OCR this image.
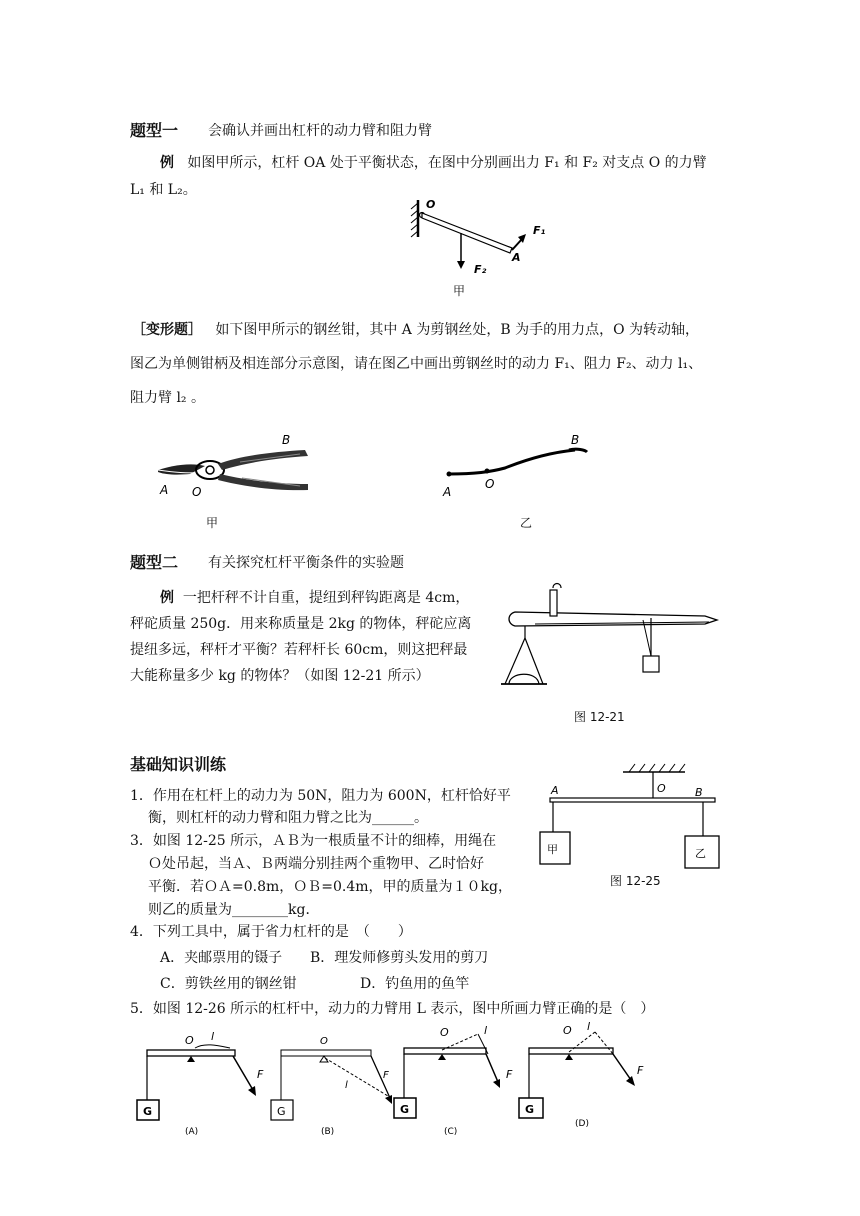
题型一 会确认并画出杠杆的动力臂和阻力臂
例 如图甲所示，杠杆 OA 处于平衡状态，在图中分别画出力 F₁ 和 F₂ 对支点 O 的力臂
L₁ 和 L₂。
O
A
F₁
F₂
甲
［变形题］ 如下图甲所示的钢丝钳，其中 A 为剪钢丝处，B 为手的用力点，O 为转动轴，
图乙为单侧钳柄及相连部分示意图，请在图乙中画出剪钢丝时的动力 F₁、阻力 F₂、动力 l₁、
阻力臂 l₂ 。
B
A O
甲
B
A
O
乙
题型二 有关探究杠杆平衡条件的实验题
例 一把杆秤不计自重，提纽到秤钩距离是 4cm，
秤砣质量 250g．用来称质量是 2kg 的物体，秤砣应离
提纽多远，秤杆才平衡？若秤杆长 60cm，则这把秤最
大能称量多少 kg 的物体？（如图 12-21 所示）
图 12-21
基础知识训练
1．作用在杠杆上的动力为 50N，阻力为 600N，杠杆恰好平
衡，则杠杆的动力臂和阻力臂之比为______。
3．如图 12-25 所示，ＡＢ为一根质量不计的细棒，用绳在
Ｏ处吊起，当Ａ、Ｂ两端分别挂两个重物甲、乙时恰好
平衡．若ＯＡ=0.8m，ＯＢ=0.4m，甲的质量为１０kg，
则乙的质量为________kg．
A	O	B
甲	乙
图 12-25
4．下列工具中，属于省力杠杆的是　（　　）
A．夹邮票用的镊子 B．理发师修剪头发用的剪刀
C．剪铁丝用的钢丝钳	D．钓鱼用的鱼竿
5．如图 12-26 所示的杠杆中，动力的力臂用 L 表示，图中所画力臂正确的是（　）
O l
F
G
(A)
O
l
F
G
(B)
O	l
F
G
(C)
O l
F
G
(D)
